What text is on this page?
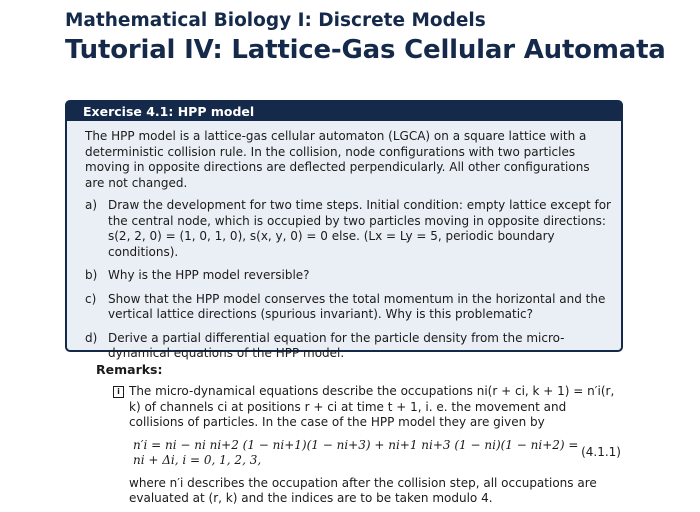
Mathematical Biology I: Discrete Models
Tutorial IV: Lattice-Gas Cellular Automata
Exercise 4.1: HPP model

The HPP model is a lattice-gas cellular automaton (LGCA) on a square lattice with a deterministic collision rule. In the collision, node configurations with two particles moving in opposite directions are deflected perpendicularly. All other configurations are not changed.

a) Draw the development for two time steps. Initial condition: empty lattice except for the central node, which is occupied by two particles moving in opposite directions: s(2, 2, 0) = (1, 0, 1, 0), s(x, y, 0) = 0 else. (Lx = Ly = 5, periodic boundary conditions).
b) Why is the HPP model reversible?
c) Show that the HPP model conserves the total momentum in the horizontal and the vertical lattice directions (spurious invariant). Why is this problematic?
d) Derive a partial differential equation for the particle density from the micro-dynamical equations of the HPP model.
Remarks:
i The micro-dynamical equations describe the occupations ni(r + ci, k + 1) = n′i(r, k) of channels ci at positions r + ci at time t + 1, i. e. the movement and collisions of particles. In the case of the HPP model they are given by
n′i = ni − ni ni+2 (1 − ni+1)(1 − ni+3) + ni+1 ni+3 (1 − ni)(1 − ni+2) = ni + Δi, i = 0, 1, 2, 3,
(4.1.1)
where n′i describes the occupation after the collision step, all occupations are evaluated at (r, k) and the indices are to be taken modulo 4.
